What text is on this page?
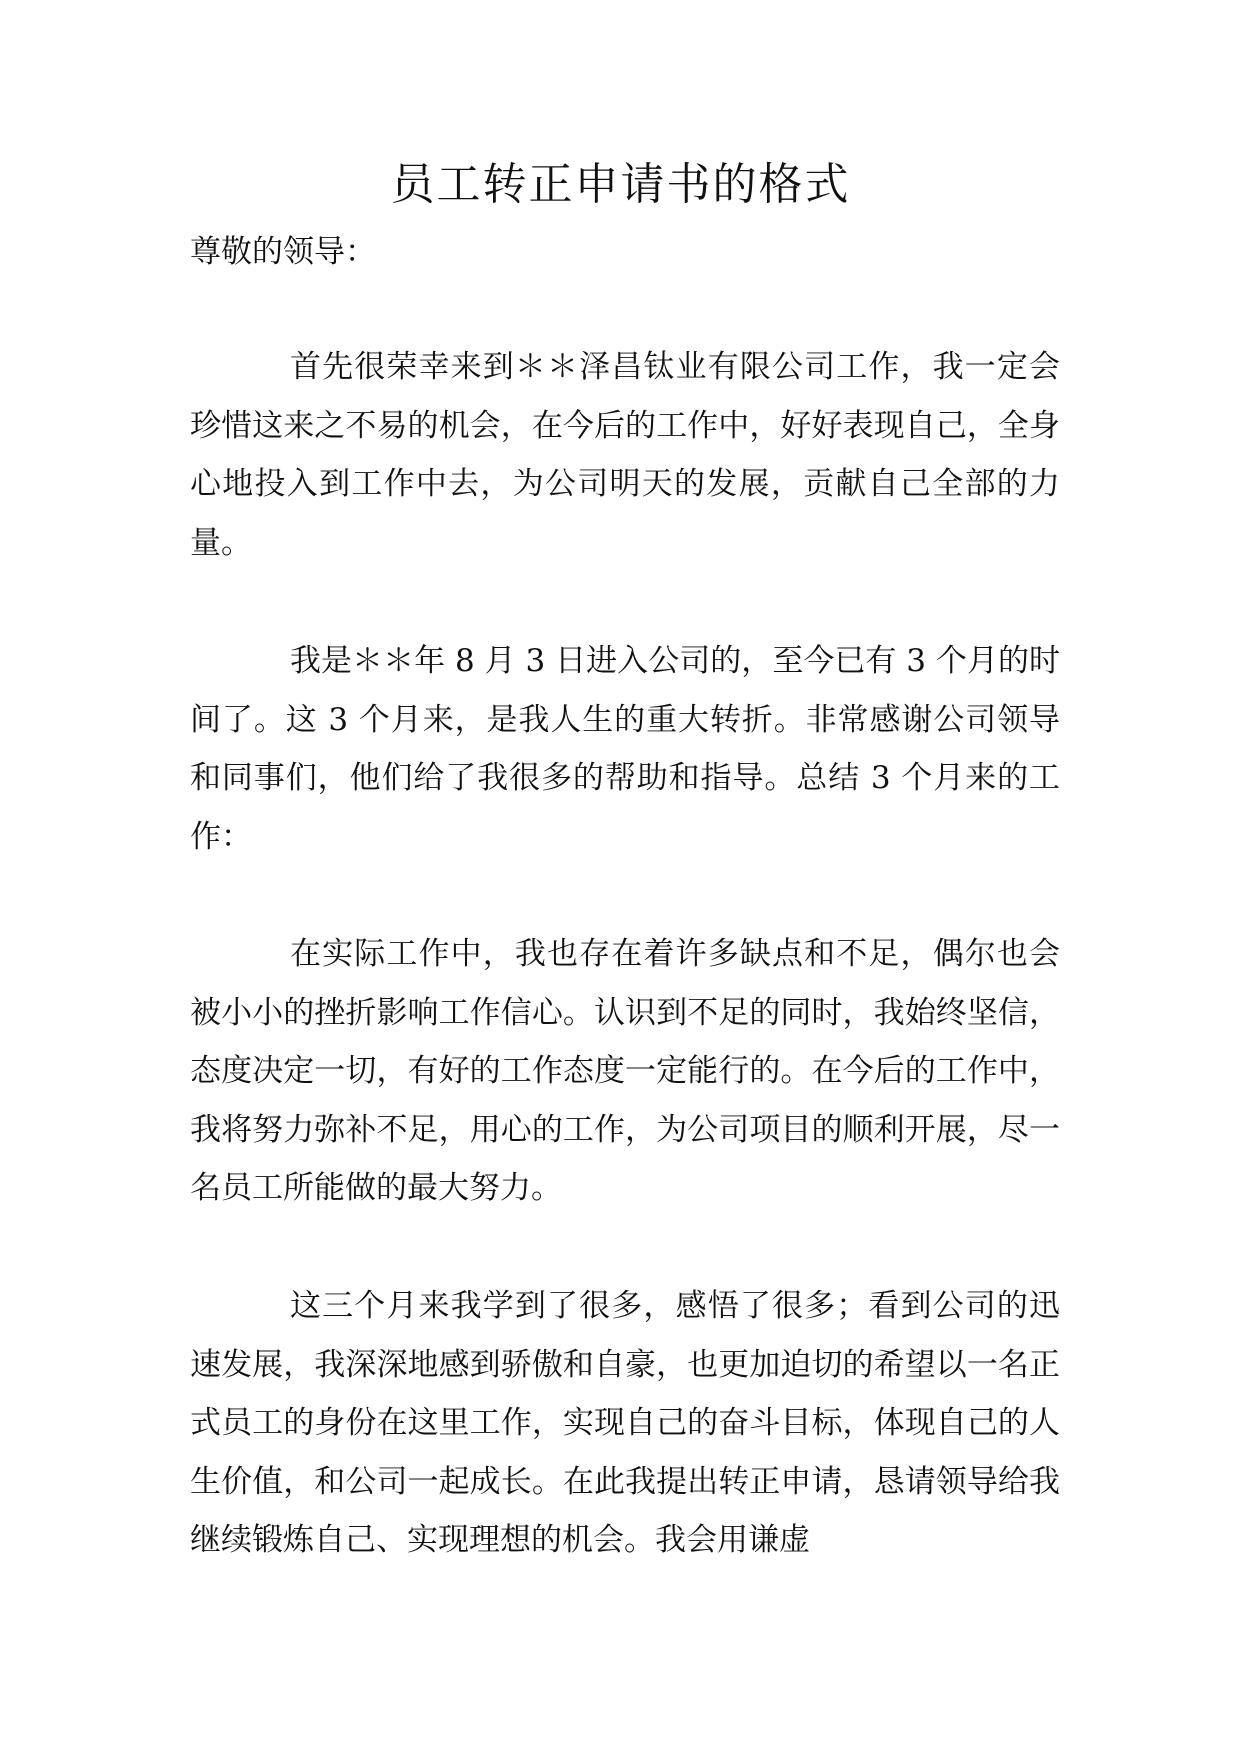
员工转正申请书的格式

尊敬的领导：

首先很荣幸来到＊＊泽昌钛业有限公司工作，我一定会珍惜这来之不易的机会，在今后的工作中，好好表现自己，全身心地投入到工作中去，为公司明天的发展，贡献自己全部的力量。

我是＊＊年 8 月 3 日进入公司的，至今已有 3 个月的时间了。这 3 个月来，是我人生的重大转折。非常感谢公司领导和同事们，他们给了我很多的帮助和指导。总结 3 个月来的工作：

在实际工作中，我也存在着许多缺点和不足，偶尔也会被小小的挫折影响工作信心。认识到不足的同时，我始终坚信，态度决定一切，有好的工作态度一定能行的。在今后的工作中，我将努力弥补不足，用心的工作，为公司项目的顺利开展，尽一名员工所能做的最大努力。

这三个月来我学到了很多，感悟了很多；看到公司的迅速发展，我深深地感到骄傲和自豪，也更加迫切的希望以一名正式员工的身份在这里工作，实现自己的奋斗目标，体现自己的人生价值，和公司一起成长。在此我提出转正申请，恳请领导给我继续锻炼自己、实现理想的机会。我会用谦虚
